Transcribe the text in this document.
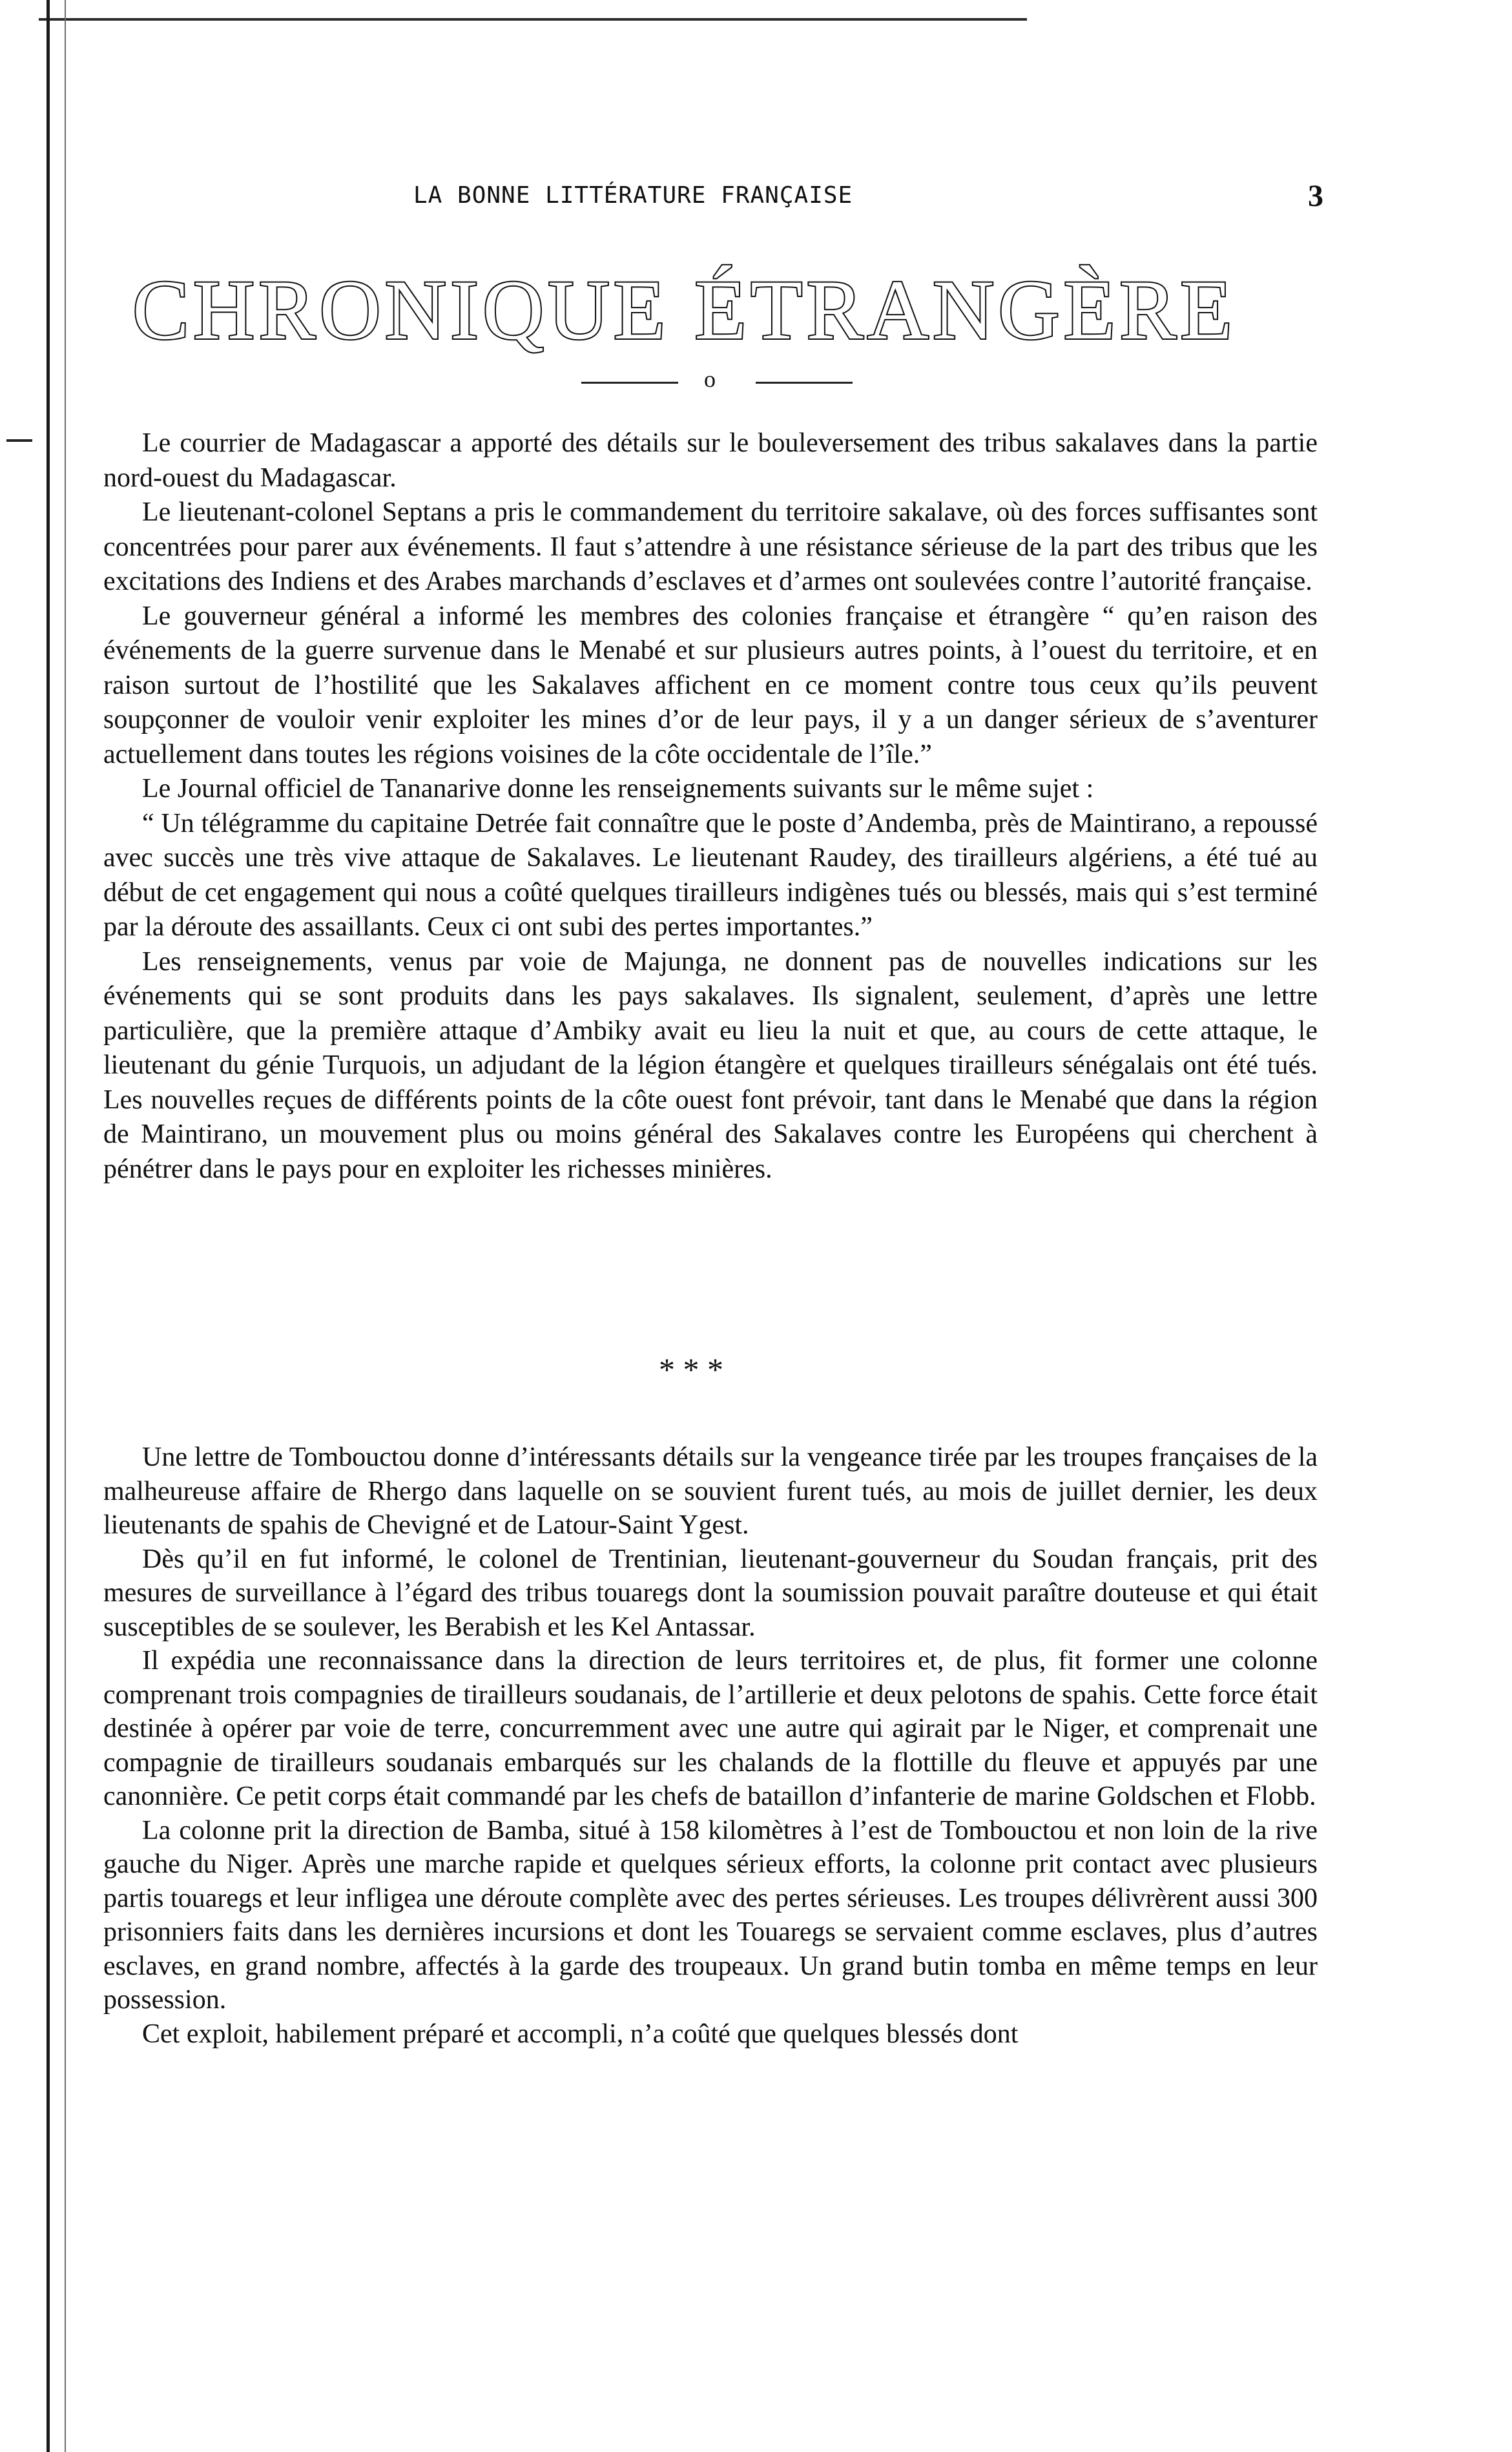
LA BONNE LITTÉRATURE FRANÇAISE	3
CHRONIQUE ÉTRANGÈRE
o

Le courrier de Madagascar a apporté des détails sur le bouleversement des tribus sakalaves dans la partie nord-ouest du Madagascar.

Le lieutenant-colonel Septans a pris le commandement du territoire sakalave, où des forces suffisantes sont concentrées pour parer aux événements. Il faut s’attendre à une résistance sérieuse de la part des tribus que les excitations des Indiens et des Arabes marchands d’esclaves et d’armes ont soulevées contre l’autorité française.

Le gouverneur général a informé les membres des colonies française et étrangère “ qu’en raison des événements de la guerre survenue dans le Menabé et sur plusieurs autres points, à l’ouest du territoire, et en raison surtout de l’hostilité que les Sakalaves affichent en ce moment contre tous ceux qu’ils peuvent soupçonner de vouloir venir exploiter les mines d’or de leur pays, il y a un danger sérieux de s’aventurer actuellement dans toutes les régions voisines de la côte occidentale de l’île.”

Le Journal officiel de Tananarive donne les renseignements suivants sur le même sujet :

“ Un télégramme du capitaine Detrée fait connaître que le poste d’Andemba, près de Maintirano, a repoussé avec succès une très vive attaque de Sakalaves. Le lieutenant Raudey, des tirailleurs algériens, a été tué au début de cet engagement qui nous a coûté quelques tirailleurs indigènes tués ou blessés, mais qui s’est terminé par la déroute des assaillants. Ceux ci ont subi des pertes importantes.”

Les renseignements, venus par voie de Majunga, ne donnent pas de nouvelles indications sur les événements qui se sont produits dans les pays sakalaves. Ils signalent, seulement, d’après une lettre particulière, que la première attaque d’Ambiky avait eu lieu la nuit et que, au cours de cette attaque, le lieutenant du génie Turquois, un adjudant de la légion étangère et quelques tirailleurs sénégalais ont été tués. Les nouvelles reçues de différents points de la côte ouest font prévoir, tant dans le Menabé que dans la région de Maintirano, un mouvement plus ou moins général des Sakalaves contre les Européens qui cherchent à pénétrer dans le pays pour en exploiter les richesses minières.

* * *

Une lettre de Tombouctou donne d’intéressants détails sur la vengeance tirée par les troupes françaises de la malheureuse affaire de Rhergo dans laquelle on se souvient furent tués, au mois de juillet dernier, les deux lieutenants de spahis de Chevigné et de Latour-Saint Ygest.

Dès qu’il en fut informé, le colonel de Trentinian, lieutenant-gouverneur du Soudan français, prit des mesures de surveillance à l’égard des tribus touaregs dont la soumission pouvait paraître douteuse et qui était susceptibles de se soulever, les Berabish et les Kel Antassar.

Il expédia une reconnaissance dans la direction de leurs territoires et, de plus, fit former une colonne comprenant trois compagnies de tirailleurs soudanais, de l’artillerie et deux pelotons de spahis. Cette force était destinée à opérer par voie de terre, concurremment avec une autre qui agirait par le Niger, et comprenait une compagnie de tirailleurs soudanais embarqués sur les chalands de la flottille du fleuve et appuyés par une canonnière. Ce petit corps était commandé par les chefs de bataillon d’infanterie de marine Goldschen et Flobb.

La colonne prit la direction de Bamba, situé à 158 kilomètres à l’est de Tombouctou et non loin de la rive gauche du Niger. Après une marche rapide et quelques sérieux efforts, la colonne prit contact avec plusieurs partis touaregs et leur infligea une déroute complète avec des pertes sérieuses. Les troupes délivrèrent aussi 300 prisonniers faits dans les dernières incursions et dont les Touaregs se servaient comme esclaves, plus d’autres esclaves, en grand nombre, affectés à la garde des troupeaux. Un grand butin tomba en même temps en leur possession.

Cet exploit, habilement préparé et accompli, n’a coûté que quelques blessés dont
